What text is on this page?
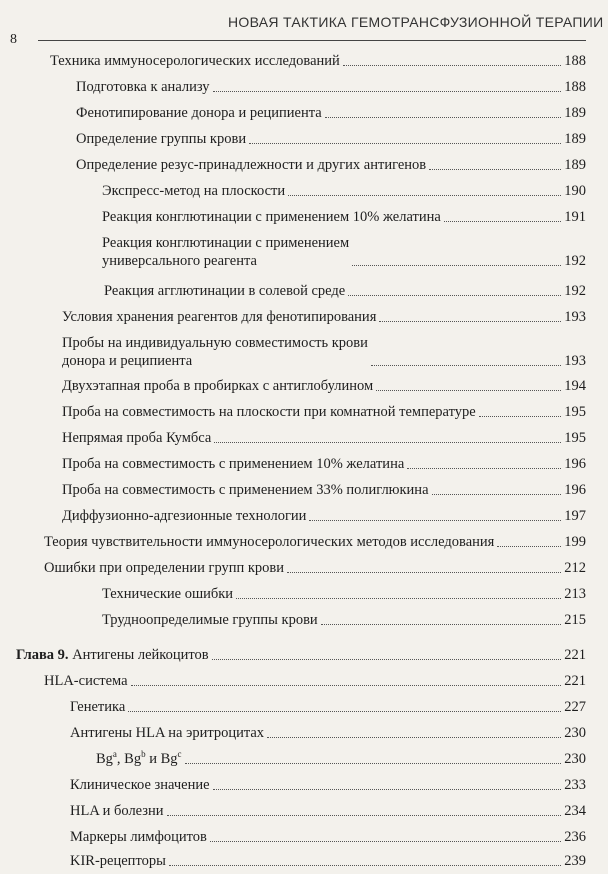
8
НОВАЯ ТАКТИКА ГЕМОТРАНСФУЗИОННОЙ ТЕРАПИИ
Техника иммуносерологических исследований	188
Подготовка к анализу	188
Фенотипирование донора и реципиента	189
Определение группы крови	189
Определение резус-принадлежности и других антигенов	189
Экспресс-метод на плоскости	190
Реакция конглютинации с применением 10% желатина	191
Реакция конглютинации с применением
универсального реагента	192
Реакция агглютинации в солевой среде	192
Условия хранения реагентов для фенотипирования	193
Пробы на индивидуальную совместимость крови
донора и реципиента	193
Двухэтапная проба в пробирках с антиглобулином	194
Проба на совместимость на плоскости при комнатной температуре	195
Непрямая проба Кумбса	195
Проба на совместимость с применением 10% желатина	196
Проба на совместимость с применением 33% полиглюкина	196
Диффузионно-адгезионные технологии	197
Теория чувствительности иммуносерологических методов исследования	199
Ошибки при определении групп крови	212
Технические ошибки	213
Трудноопределимые группы крови	215
Глава 9. Антигены лейкоцитов	221
HLA-система	221
Генетика	227
Антигены HLA на эритроцитах	230
Bg$^a$, Bg$^b$ и Bg$^c$	230
Клиническое значение	233
HLA и болезни	234
Маркеры лимфоцитов	236
KIR-рецепторы	239
